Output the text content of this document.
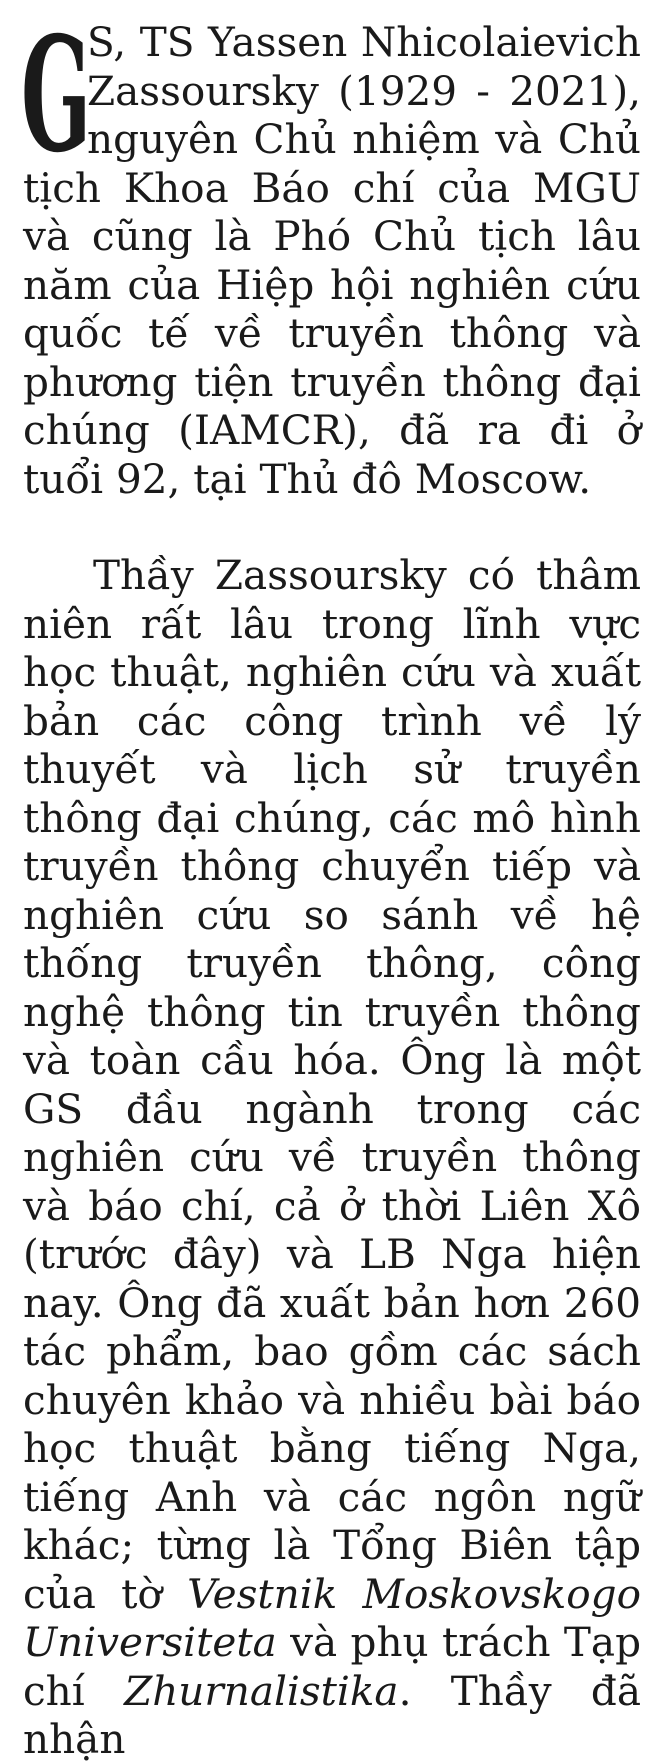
G
S, TS Yassen Nhicolaievich Zassoursky (1929 - 2021), nguyên Chủ nhiệm và Chủ tịch Khoa Báo chí của MGU và cũng là Phó Chủ tịch lâu năm của Hiệp hội nghiên cứu quốc tế về truyền thông và phương tiện truyền thông đại chúng (IAMCR), đã ra đi ở tuổi 92, tại Thủ đô Moscow.

Thầy Zassoursky có thâm niên rất lâu trong lĩnh vực học thuật, nghiên cứu và xuất bản các công trình về lý thuyết và lịch sử truyền thông đại chúng, các mô hình truyền thông chuyển tiếp và nghiên cứu so sánh về hệ thống truyền thông, công nghệ thông tin truyền thông và toàn cầu hóa. Ông là một GS đầu ngành trong các nghiên cứu về truyền thông và báo chí, cả ở thời Liên Xô (trước đây) và LB Nga hiện nay. Ông đã xuất bản hơn 260 tác phẩm, bao gồm các sách chuyên khảo và nhiều bài báo học thuật bằng tiếng Nga, tiếng Anh và các ngôn ngữ khác; từng là Tổng Biên tập của tờ Vestnik Moskovskogo Universiteta và phụ trách Tạp chí Zhurnalistika. Thầy đã nhận
